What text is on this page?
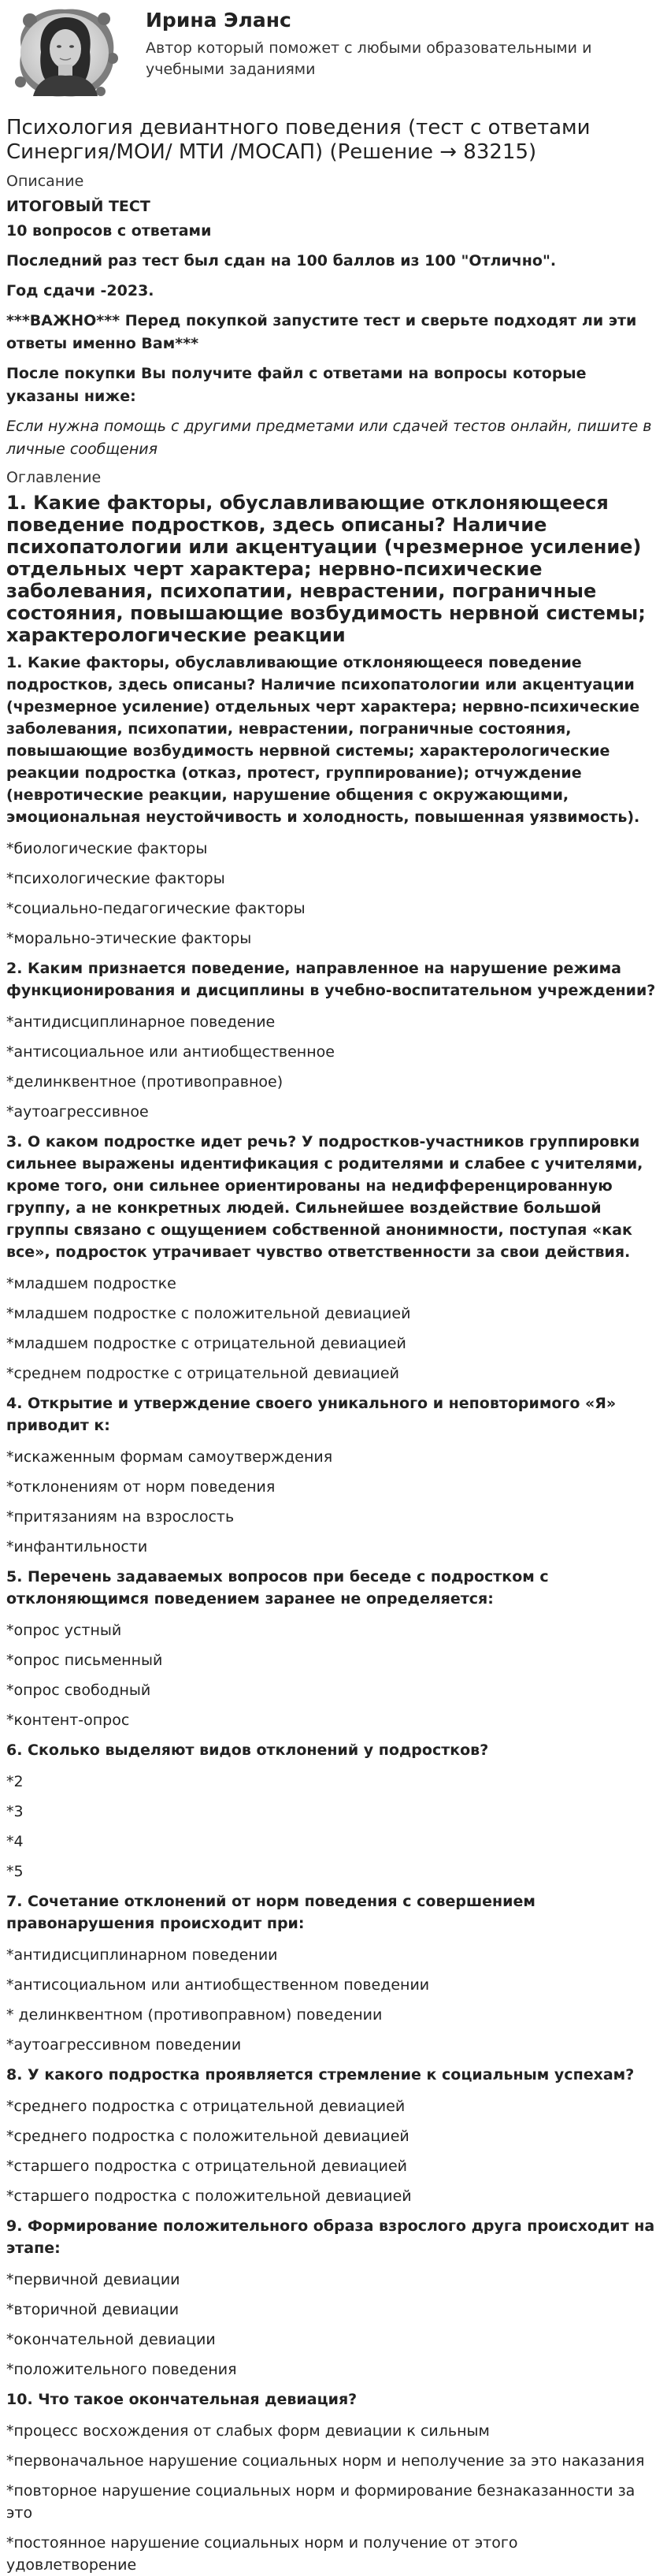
Ирина Эланс

Автор который поможет с любыми образовательными и учебными заданиями

Психология девиантного поведения (тест с ответами Синергия/МОИ/ МТИ /МОСАП) (Решение → 83215)
Описание

ИТОГОВЫЙ ТЕСТ

10 вопросов с ответами

Последний раз тест был сдан на 100 баллов из 100 "Отлично".

Год сдачи -2023.

***ВАЖНО*** Перед покупкой запустите тест и сверьте подходят ли эти ответы именно Вам***

После покупки Вы получите файл с ответами на вопросы которые указаны ниже:

Если нужна помощь с другими предметами или сдачей тестов онлайн, пишите в личные сообщения

Оглавление
1. Какие факторы, обуславливающие отклоняющееся поведение подростков, здесь описаны? Наличие психопатологии или акцентуации (чрезмерное усиление) отдельных черт характера; нервно-психические заболевания, психопатии, неврастении, пограничные состояния, повышающие возбудимость нервной системы; характерологические реакции
1. Какие факторы, обуславливающие отклоняющееся поведение подростков, здесь описаны? Наличие психопатологии или акцентуации (чрезмерное усиление) отдельных черт характера; нервно-психические заболевания, психопатии, неврастении, пограничные состояния, повышающие возбудимость нервной системы; характерологические реакции подростка (отказ, протест, группирование); отчуждение (невротические реакции, нарушение общения с окружающими, эмоциональная неустойчивость и холодность, повышенная уязвимость).
*биологические факторы
*психологические факторы
*социально-педагогические факторы
*морально-этические факторы
2. Каким признается поведение, направленное на нарушение режима функционирования и дисциплины в учебно-воспитательном учреждении?
*антидисциплинарное поведение
*антисоциальное или антиобщественное
*делинквентное (противоправное)
*аутоагрессивное
3. О каком подростке идет речь? У подростков-участников группировки сильнее выражены идентификация с родителями и слабее с учителями, кроме того, они сильнее ориентированы на недифференцированную группу, а не конкретных людей. Сильнейшее воздействие большой группы связано с ощущением собственной анонимности, поступая «как все», подросток утрачивает чувство ответственности за свои действия.
*младшем подростке
*младшем подростке с положительной девиацией
*младшем подростке с отрицательной девиацией
*среднем подростке с отрицательной девиацией
4. Открытие и утверждение своего уникального и неповторимого «Я» приводит к:
*искаженным формам самоутверждения
*отклонениям от норм поведения
*притязаниям на взрослость
*инфантильности
5. Перечень задаваемых вопросов при беседе с подростком с отклоняющимся поведением заранее не определяется:
*опрос устный
*опрос письменный
*опрос свободный
*контент-опрос
6. Сколько выделяют видов отклонений у подростков?
*2
*3
*4
*5
7. Сочетание отклонений от норм поведения с совершением правонарушения происходит при:
*антидисциплинарном поведении
*антисоциальном или антиобщественном поведении
* делинквентном (противоправном) поведении
*аутоагрессивном поведении
8. У какого подростка проявляется стремление к социальным успехам?
*среднего подростка с отрицательной девиацией
*среднего подростка с положительной девиацией
*старшего подростка с отрицательной девиацией
*старшего подростка с положительной девиацией
9. Формирование положительного образа взрослого друга происходит на этапе:
*первичной девиации
*вторичной девиации
*окончательной девиации
*положительного поведения
10. Что такое окончательная девиация?
*процесс восхождения от слабых форм девиации к сильным
*первоначальное нарушение социальных норм и неполучение за это наказания
*повторное нарушение социальных норм и формирование безнаказанности за это
*постоянное нарушение социальных норм и получение от этого удовлетворение
